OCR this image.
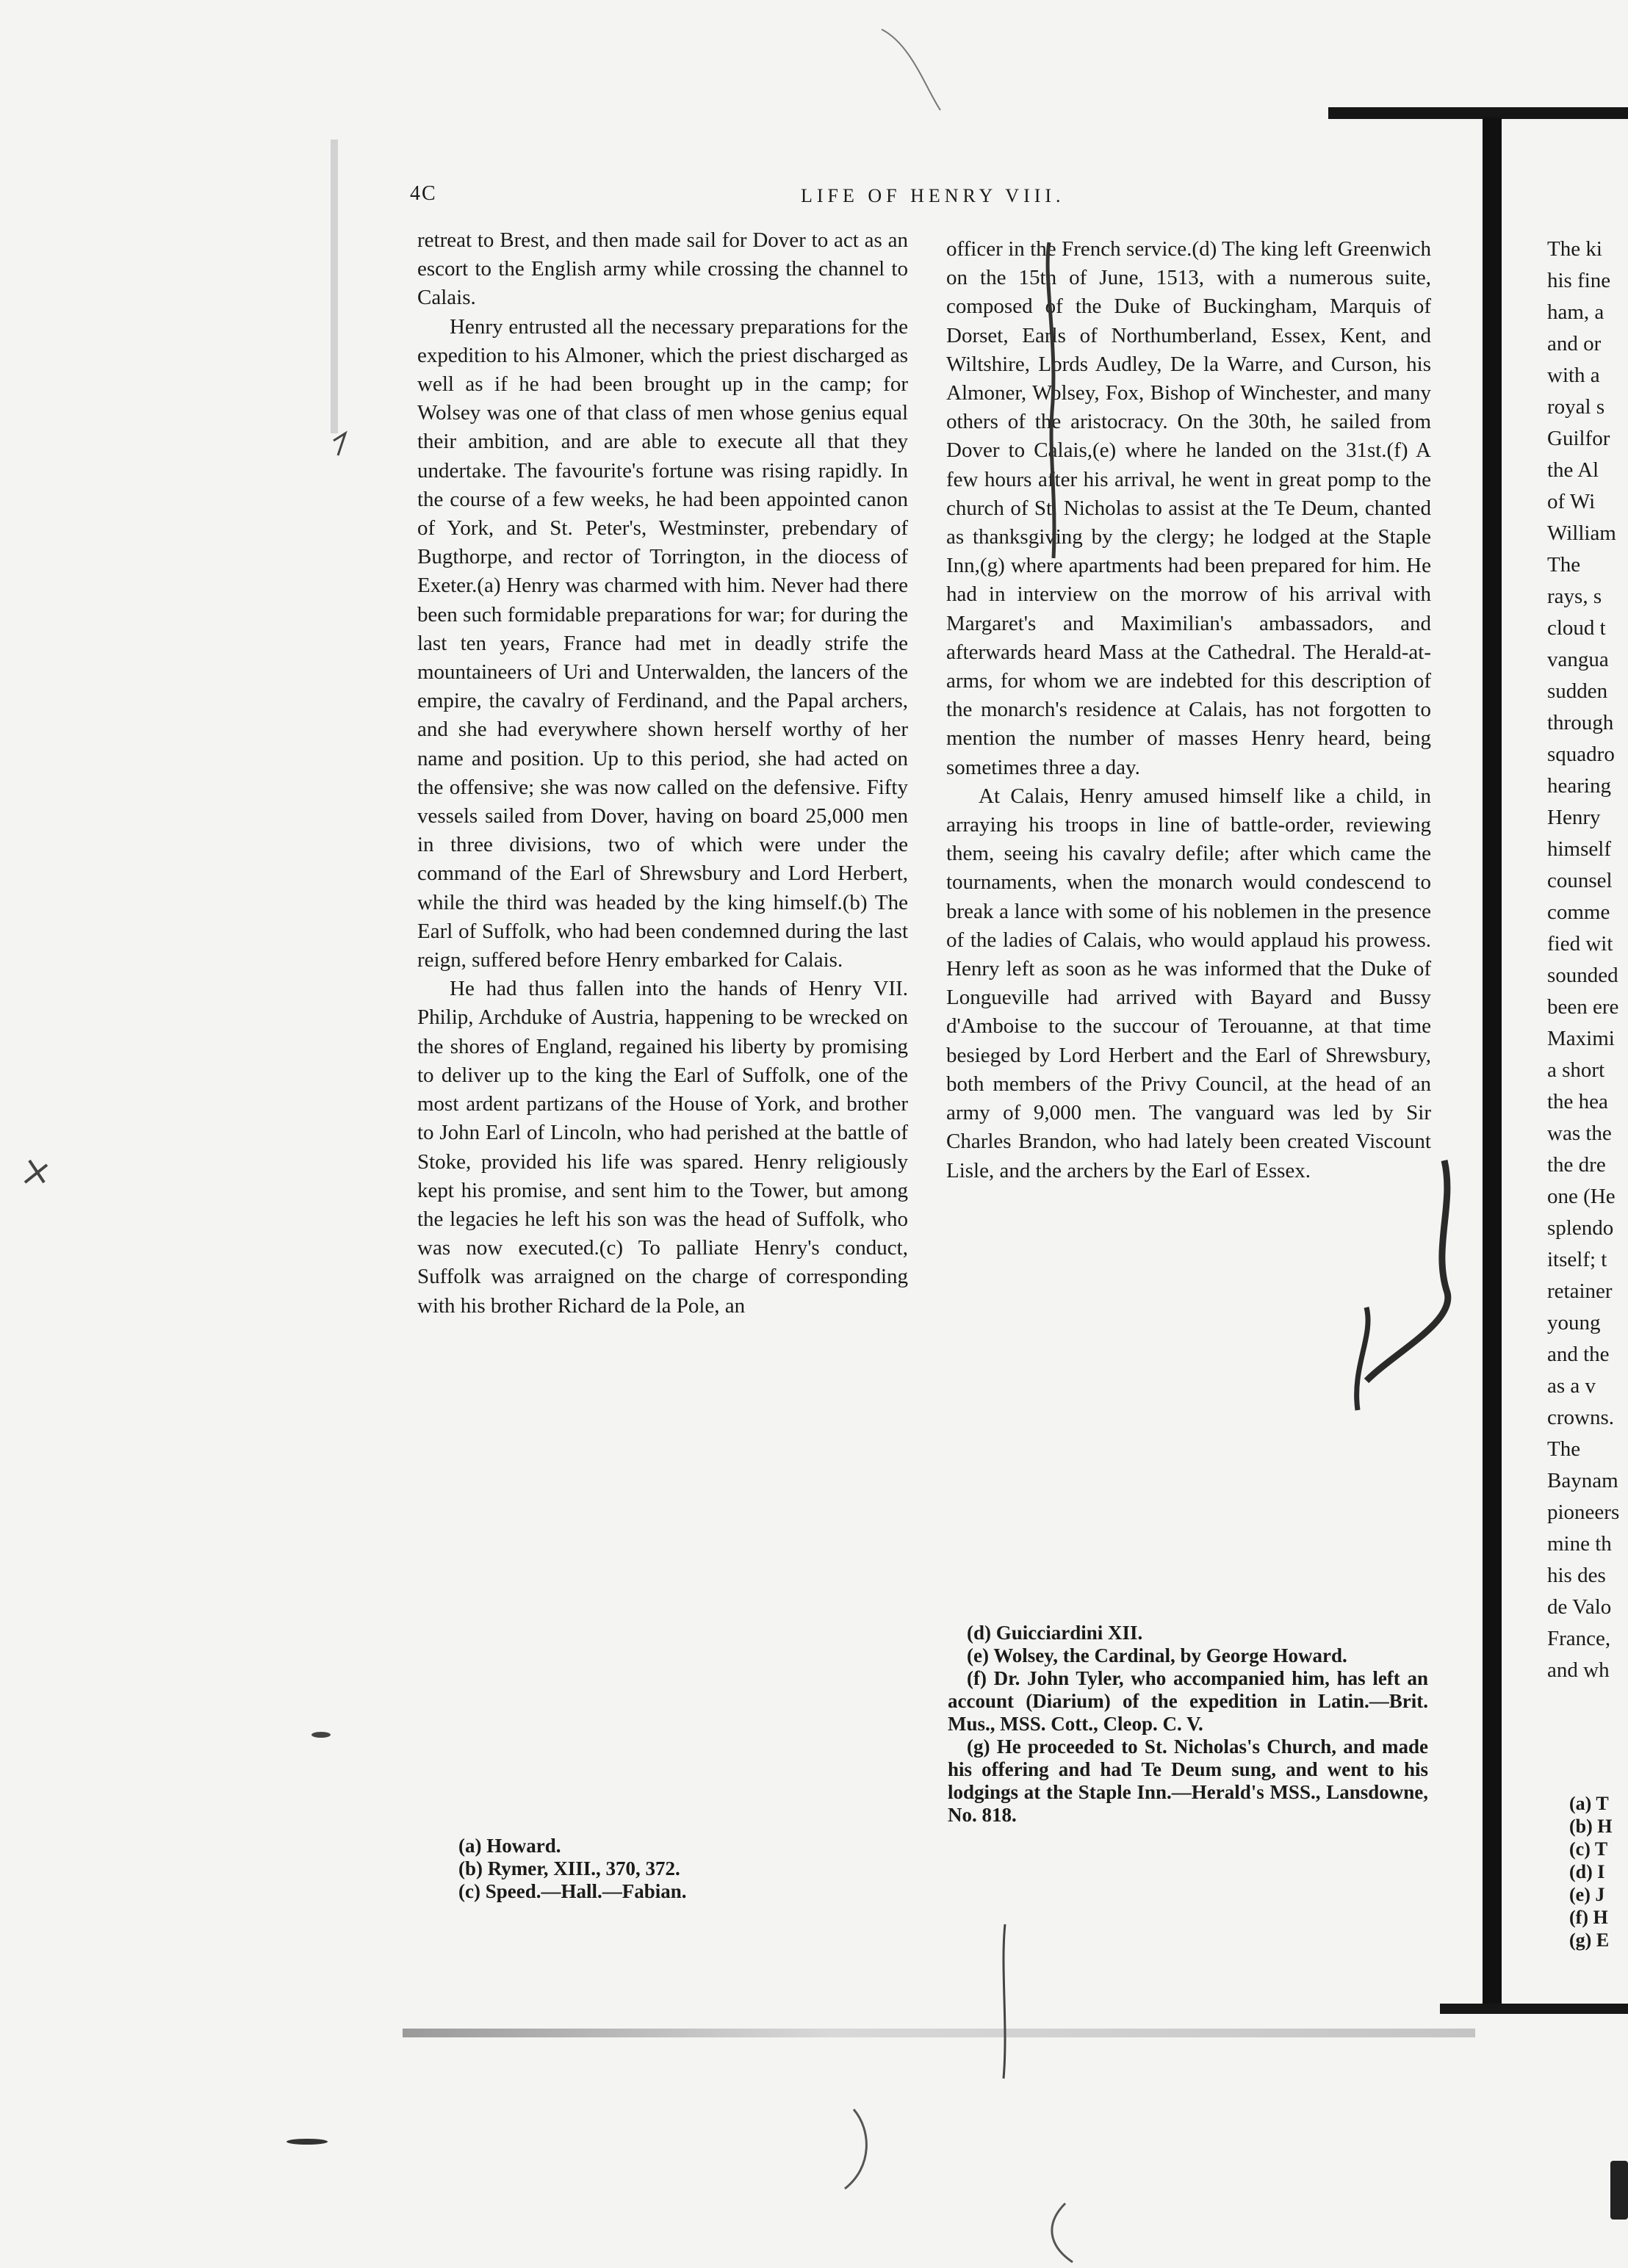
4C	LIFE OF HENRY VIII.

retreat to Brest, and then made sail for Dover to act as an escort to the English army while crossing the channel to Calais.

Henry entrusted all the necessary preparations for the expedition to his Almoner, which the priest discharged as well as if he had been brought up in the camp; for Wolsey was one of that class of men whose genius equal their ambition, and are able to execute all that they undertake. The favourite's fortune was rising rapidly. In the course of a few weeks, he had been appointed canon of York, and St. Peter's, Westminster, prebendary of Bugthorpe, and rector of Torrington, in the diocess of Exeter.(a) Henry was charmed with him. Never had there been such formidable preparations for war; for during the last ten years, France had met in deadly strife the mountaineers of Uri and Unterwalden, the lancers of the empire, the cavalry of Ferdinand, and the Papal archers, and she had everywhere shown herself worthy of her name and position. Up to this period, she had acted on the offensive; she was now called on the defensive. Fifty vessels sailed from Dover, having on board 25,000 men in three divisions, two of which were under the command of the Earl of Shrewsbury and Lord Herbert, while the third was headed by the king himself.(b) The Earl of Suffolk, who had been condemned during the last reign, suffered before Henry embarked for Calais.

He had thus fallen into the hands of Henry VII. Philip, Archduke of Austria, happening to be wrecked on the shores of England, regained his liberty by promising to deliver up to the king the Earl of Suffolk, one of the most ardent partizans of the House of York, and brother to John Earl of Lincoln, who had perished at the battle of Stoke, provided his life was spared. Henry religiously kept his promise, and sent him to the Tower, but among the legacies he left his son was the head of Suffolk, who was now executed.(c) To palliate Henry's conduct, Suffolk was arraigned on the charge of corresponding with his brother Richard de la Pole, an

(a) Howard.

(b) Rymer, XIII., 370, 372.

(c) Speed.—Hall.—Fabian.

officer in the French service.(d) The king left Greenwich on the 15th of June, 1513, with a numerous suite, composed of the Duke of Buckingham, Marquis of Dorset, Earls of Northumberland, Essex, Kent, and Wiltshire, Lords Audley, De la Warre, and Curson, his Almoner, Wolsey, Fox, Bishop of Winchester, and many others of the aristocracy. On the 30th, he sailed from Dover to Calais,(e) where he landed on the 31st.(f) A few hours after his arrival, he went in great pomp to the church of St. Nicholas to assist at the Te Deum, chanted as thanksgiving by the clergy; he lodged at the Staple Inn,(g) where apartments had been prepared for him. He had in interview on the morrow of his arrival with Margaret's and Maximilian's ambassadors, and afterwards heard Mass at the Cathedral. The Herald-at-arms, for whom we are indebted for this description of the monarch's residence at Calais, has not forgotten to mention the number of masses Henry heard, being sometimes three a day.

At Calais, Henry amused himself like a child, in arraying his troops in line of battle-order, reviewing them, seeing his cavalry defile; after which came the tournaments, when the monarch would condescend to break a lance with some of his noblemen in the presence of the ladies of Calais, who would applaud his prowess. Henry left as soon as he was informed that the Duke of Longueville had arrived with Bayard and Bussy d'Amboise to the succour of Terouanne, at that time besieged by Lord Herbert and the Earl of Shrewsbury, both members of the Privy Council, at the head of an army of 9,000 men. The vanguard was led by Sir Charles Brandon, who had lately been created Viscount Lisle, and the archers by the Earl of Essex.

(d) Guicciardini XII.

(e) Wolsey, the Cardinal, by George Howard.

(f) Dr. John Tyler, who accompanied him, has left an account (Diarium) of the expedition in Latin.—Brit. Mus., MSS. Cott., Cleop. C. V.

(g) He proceeded to St. Nicholas's Church, and made his offering and had Te Deum sung, and went to his lodgings at the Staple Inn.—Herald's MSS., Lansdowne, No. 818.

The ki
his fine
ham, a
and or
with a
royal s
Guilfor
the Al
of Wi
William
The
rays, s
cloud t
vangua
sudden
through
squadro
hearing
Henry
himself
counsel
comme
fied wit
sounded
been ere
Maximi
a short
the hea
was the
the dre
one (He
splendo
itself; t
retainer
young
and the
as a v
crowns.
The
Baynam
pioneers
mine th
his des
de Valo
France,
and wh
(a) T
(b) H
(c) T
(d) I
(e) J
(f) H
(g) E
